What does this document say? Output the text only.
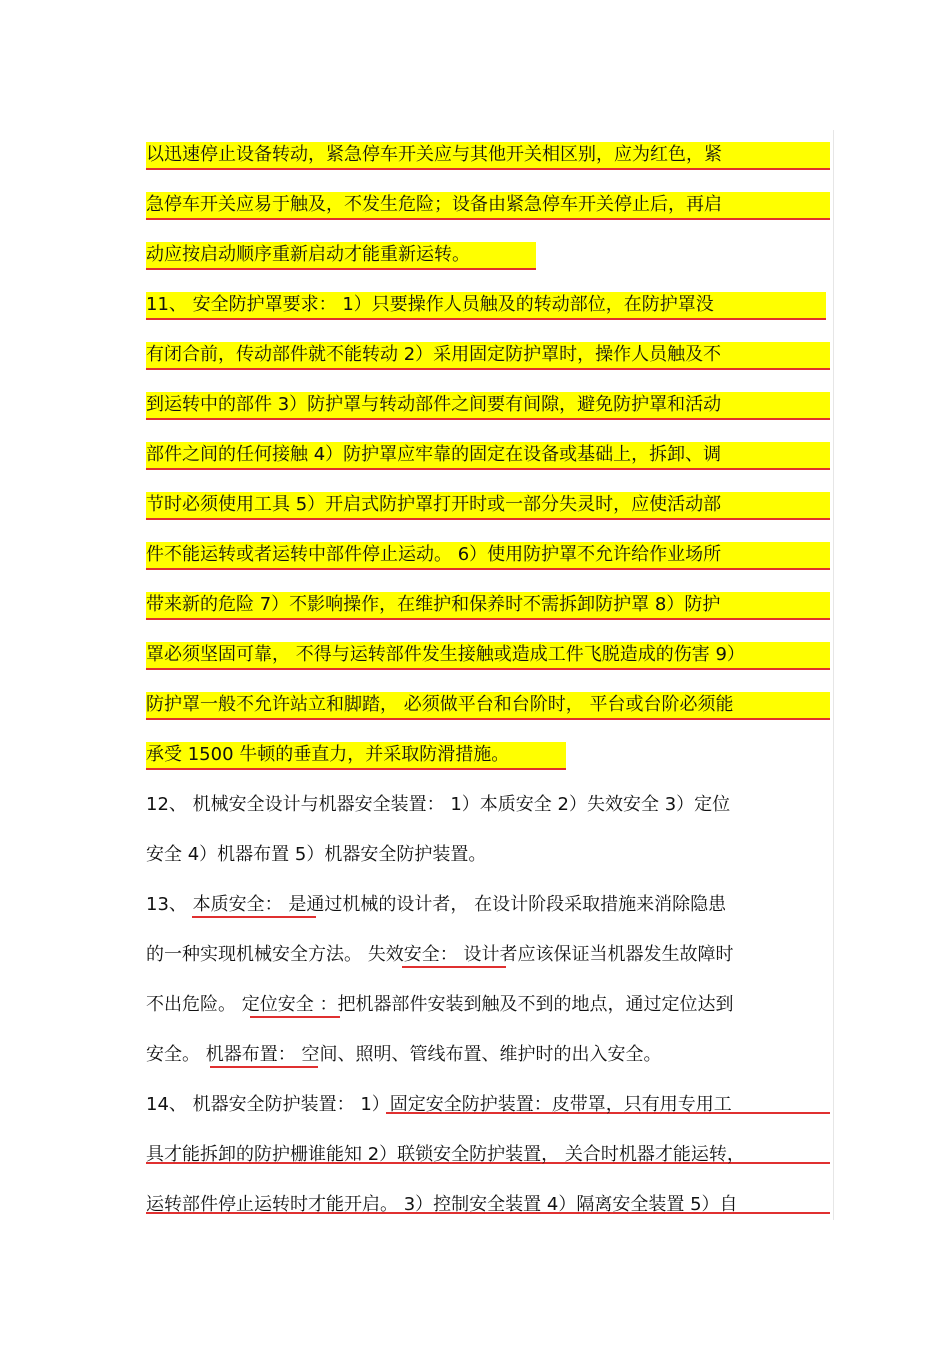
以迅速停止设备转动，紧急停车开关应与其他开关相区别，应为红色，紧
急停车开关应易于触及，不发生危险；设备由紧急停车开关停止后，再启
动应按启动顺序重新启动才能重新运转。
11、 安全防护罩要求： 1）只要操作人员触及的转动部位，在防护罩没
有闭合前，传动部件就不能转动 2）采用固定防护罩时，操作人员触及不
到运转中的部件 3）防护罩与转动部件之间要有间隙，避免防护罩和活动
部件之间的任何接触 4）防护罩应牢靠的固定在设备或基础上，拆卸、调
节时必须使用工具 5）开启式防护罩打开时或一部分失灵时，应使活动部
件不能运转或者运转中部件停止运动。 6）使用防护罩不允许给作业场所
带来新的危险 7）不影响操作，在维护和保养时不需拆卸防护罩 8）防护
罩必须坚固可靠， 不得与运转部件发生接触或造成工件飞脱造成的伤害 9）
防护罩一般不允许站立和脚踏， 必须做平台和台阶时， 平台或台阶必须能
承受 1500 牛顿的垂直力，并采取防滑措施。
12、 机械安全设计与机器安全装置： 1）本质安全 2）失效安全 3）定位
安全 4）机器布置 5）机器安全防护装置。
13、 本质安全： 是通过机械的设计者， 在设计阶段采取措施来消除隐患
的一种实现机械安全方法。 失效安全： 设计者应该保证当机器发生故障时
不出危险。 定位安全 ：把机器部件安装到触及不到的地点，通过定位达到
安全。 机器布置： 空间、照明、管线布置、维护时的出入安全。
14、 机器安全防护装置： 1）固定安全防护装置：皮带罩，只有用专用工
具才能拆卸的防护栅谁能知 2）联锁安全防护装置， 关合时机器才能运转，
运转部件停止运转时才能开启。 3）控制安全装置 4）隔离安全装置 5）自
